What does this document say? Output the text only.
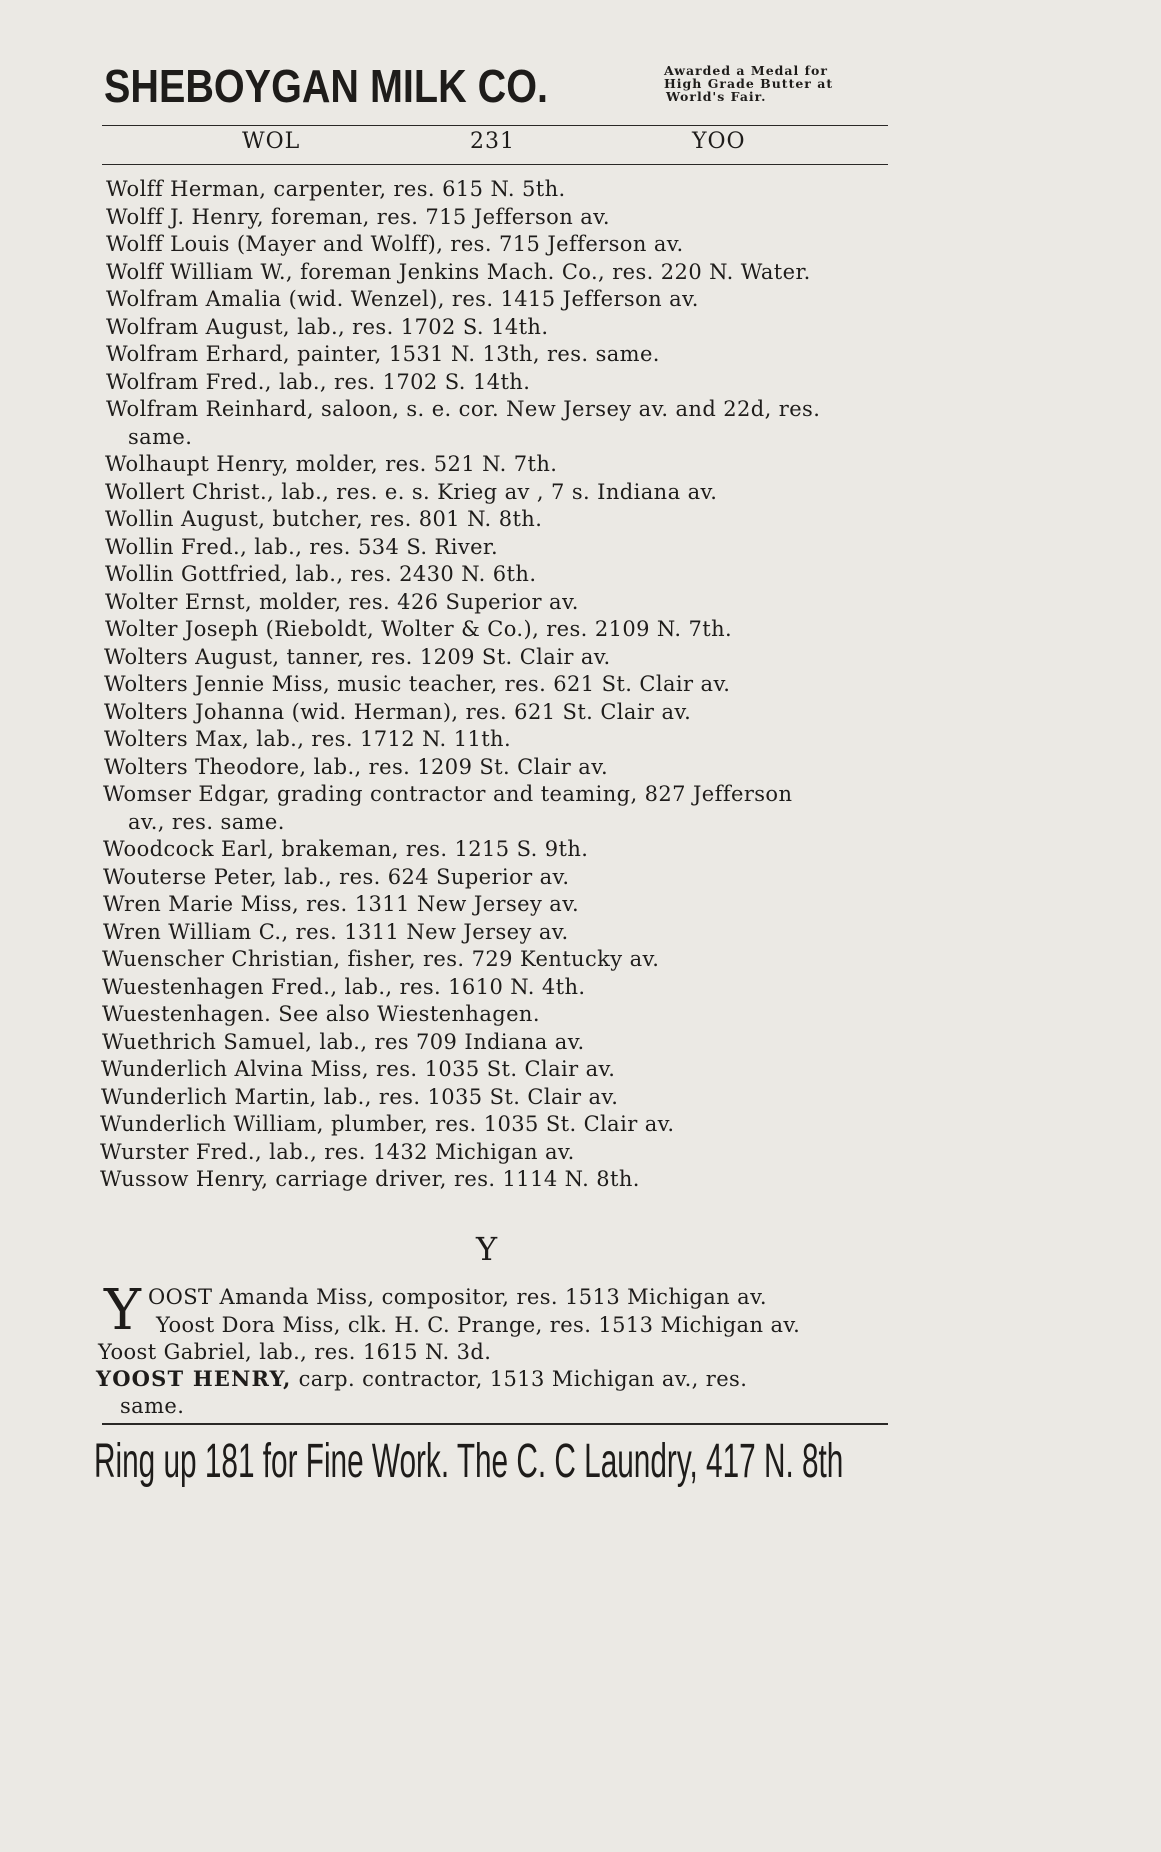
SHEBOYGAN MILK CO.	Awarded a Medal for
High Grade Butter at
World's Fair.
WOL	231	YOO
Wolff Herman, carpenter, res. 615 N. 5th.
Wolff J. Henry, foreman, res. 715 Jefferson av.
Wolff Louis (Mayer and Wolff), res. 715 Jefferson av.
Wolff William W., foreman Jenkins Mach. Co., res. 220 N. Water.
Wolfram Amalia (wid. Wenzel), res. 1415 Jefferson av.
Wolfram August, lab., res. 1702 S. 14th.
Wolfram Erhard, painter, 1531 N. 13th, res. same.
Wolfram Fred., lab., res. 1702 S. 14th.
Wolfram Reinhard, saloon, s. e. cor. New Jersey av. and 22d, res.
same.
Wolhaupt Henry, molder, res. 521 N. 7th.
Wollert Christ., lab., res. e. s. Krieg av , 7 s. Indiana av.
Wollin August, butcher, res. 801 N. 8th.
Wollin Fred., lab., res. 534 S. River.
Wollin Gottfried, lab., res. 2430 N. 6th.
Wolter Ernst, molder, res. 426 Superior av.
Wolter Joseph (Rieboldt, Wolter & Co.), res. 2109 N. 7th.
Wolters August, tanner, res. 1209 St. Clair av.
Wolters Jennie Miss, music teacher, res. 621 St. Clair av.
Wolters Johanna (wid. Herman), res. 621 St. Clair av.
Wolters Max, lab., res. 1712 N. 11th.
Wolters Theodore, lab., res. 1209 St. Clair av.
Womser Edgar, grading contractor and teaming, 827 Jefferson
av., res. same.
Woodcock Earl, brakeman, res. 1215 S. 9th.
Wouterse Peter, lab., res. 624 Superior av.
Wren Marie Miss, res. 1311 New Jersey av.
Wren William C., res. 1311 New Jersey av.
Wuenscher Christian, fisher, res. 729 Kentucky av.
Wuestenhagen Fred., lab., res. 1610 N. 4th.
Wuestenhagen. See also Wiestenhagen.
Wuethrich Samuel, lab., res 709 Indiana av.
Wunderlich Alvina Miss, res. 1035 St. Clair av.
Wunderlich Martin, lab., res. 1035 St. Clair av.
Wunderlich William, plumber, res. 1035 St. Clair av.
Wurster Fred., lab., res. 1432 Michigan av.
Wussow Henry, carriage driver, res. 1114 N. 8th.
Y
Y OOST Amanda Miss, compositor, res. 1513 Michigan av.
Yoost Dora Miss, clk. H. C. Prange, res. 1513 Michigan av.
Yoost Gabriel, lab., res. 1615 N. 3d.
YOOST HENRY, carp. contractor, 1513 Michigan av., res.
same.
Ring up 181 for Fine Work. The C. C Laundry, 417 N. 8th
